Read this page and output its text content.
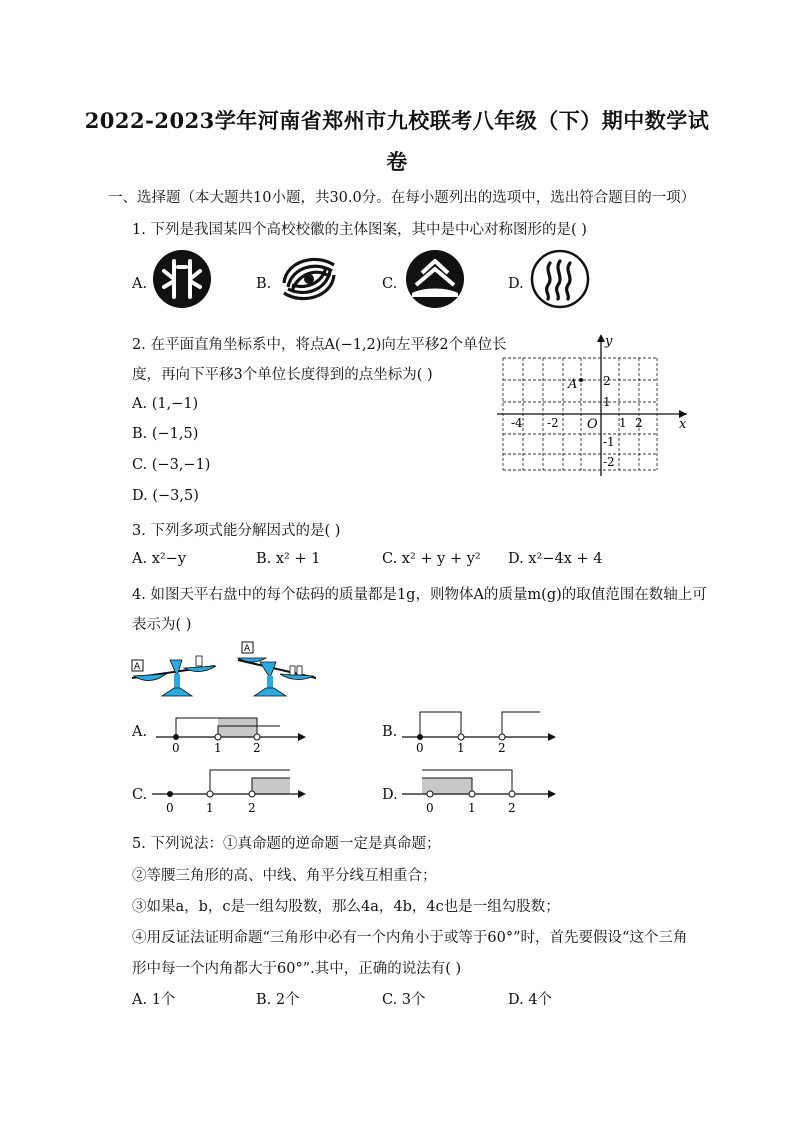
2022-2023学年河南省郑州市九校联考八年级（下）期中数学试
卷
一、选择题（本大题共10小题，共30.0分。在每小题列出的选项中，选出符合题目的一项）
1. 下列是我国某四个高校校徽的主体图案，其中是中心对称图形的是( )
A.	B.	C.	D.
2. 在平面直角坐标系中，将点A(−1,2)向左平移2个单位长
度，再向下平移3个单位长度得到的点坐标为( )
A. (1,−1)
B. (−1,5)
C. (−3,−1)
D. (−3,5)
y
x
O
A
-4 -2	1 2
2
1
-1
-2
3. 下列多项式能分解因式的是( )
A. x²−y	B. x² + 1	C. x² + y + y² D. x²−4x + 4
4. 如图天平右盘中的每个砝码的质量都是1g，则物体A的质量m(g)的取值范围在数轴上可
表示为( )
A
A
A.
0	1	2
B.
0	1	2
C.
0	1	2
D.
0	1	2
5. 下列说法：①真命题的逆命题一定是真命题；
②等腰三角形的高、中线、角平分线互相重合；
③如果a，b，c是一组勾股数，那么4a，4b，4c也是一组勾股数；
④用反证法证明命题“三角形中必有一个内角小于或等于60°”时，首先要假设“这个三角
形中每一个内角都大于60°”.其中，正确的说法有( )
A. 1个	B. 2个	C. 3个	D. 4个
